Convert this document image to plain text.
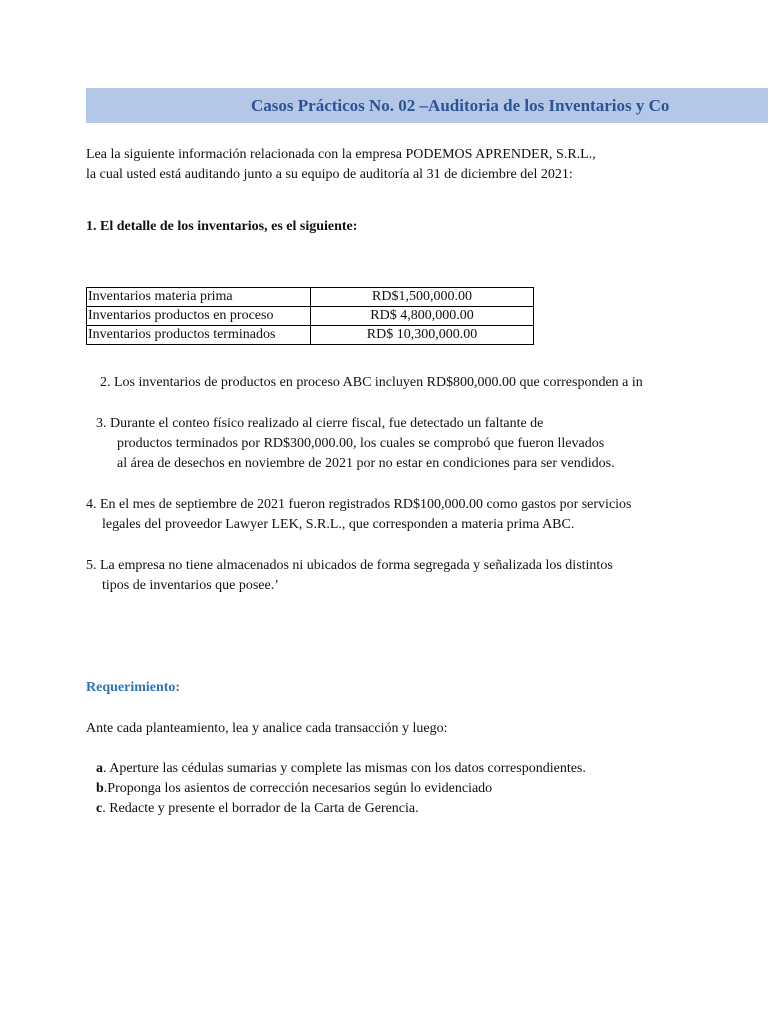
Casos Prácticos No. 02 –Auditoria de los Inventarios y Co
Lea la siguiente información relacionada con la empresa PODEMOS APRENDER, S.R.L.,
la cual usted está auditando junto a su equipo de auditoría al 31 de diciembre del 2021:
1. El detalle de los inventarios, es el siguiente:
Inventarios materia prima	RD$1,500,000.00
Inventarios productos en proceso	RD$ 4,800,000.00
Inventarios productos terminados	RD$ 10,300,000.00
2. Los inventarios de productos en proceso ABC incluyen RD$800,000.00 que corresponden a in
3. Durante el conteo físico realizado al cierre fiscal, fue detectado un faltante de
productos terminados por RD$300,000.00, los cuales se comprobó que fueron llevados
al área de desechos en noviembre de 2021 por no estar en condiciones para ser vendidos.
4. En el mes de septiembre de 2021 fueron registrados RD$100,000.00 como gastos por servicios
legales del proveedor Lawyer LEK, S.R.L., que corresponden a materia prima ABC.
5. La empresa no tiene almacenados ni ubicados de forma segregada y señalizada los distintos
tipos de inventarios que posee.’
Requerimiento:
Ante cada planteamiento, lea y analice cada transacción y luego:
a. Aperture las cédulas sumarias y complete las mismas con los datos correspondientes.
b.Proponga los asientos de corrección necesarios según lo evidenciado
c. Redacte y presente el borrador de la Carta de Gerencia.
